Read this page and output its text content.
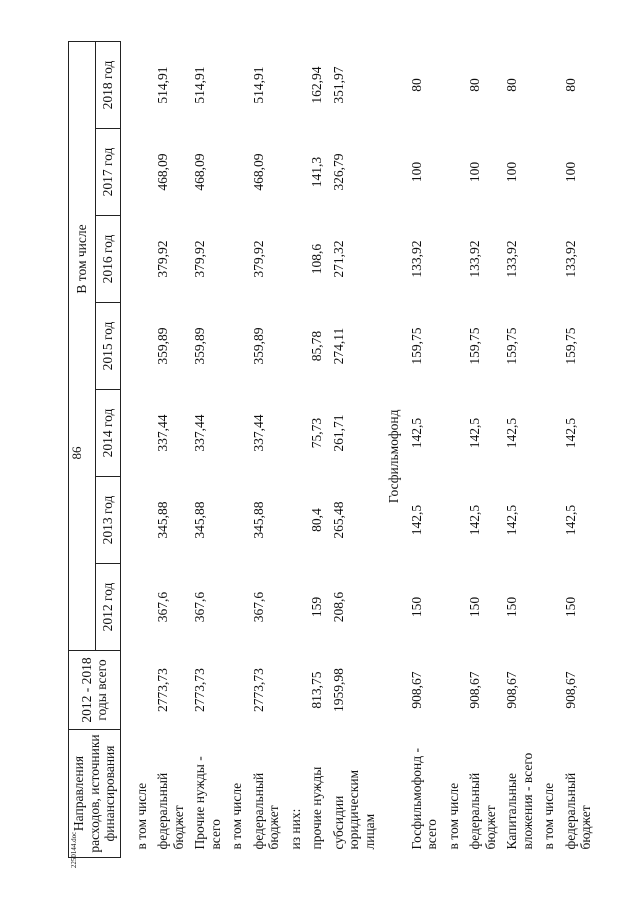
86
2250144.doc
Направления расходов, источники финансирования	2012 - 2018 годы всего	В том числе						

		2012 год	2013 год	2014 год	2015 год	2016 год	2017 год	2018 год

в том числе								
федеральный бюджет	2773,73	367,6	345,88	337,44	359,89	379,92	468,09	514,91
Прочие нужды - всего	2773,73	367,6	345,88	337,44	359,89	379,92	468,09	514,91
в том числе								
федеральный бюджет	2773,73	367,6	345,88	337,44	359,89	379,92	468,09	514,91
из них:								
прочие нужды	813,75	159	80,4	75,73	85,78	108,6	141,3	162,94
субсидии юридическим лицам	1959,98	208,6	265,48	261,71	274,11	271,32	326,79	351,97
		Госфильмофонд						
Госфильмофонд - всего	908,67	150	142,5	142,5	159,75	133,92	100	80
в том числе								
федеральный бюджет	908,67	150	142,5	142,5	159,75	133,92	100	80
Капитальные вложения - всего	908,67	150	142,5	142,5	159,75	133,92	100	80
в том числе								
федеральный бюджет	908,67	150	142,5	142,5	159,75	133,92	100	80
